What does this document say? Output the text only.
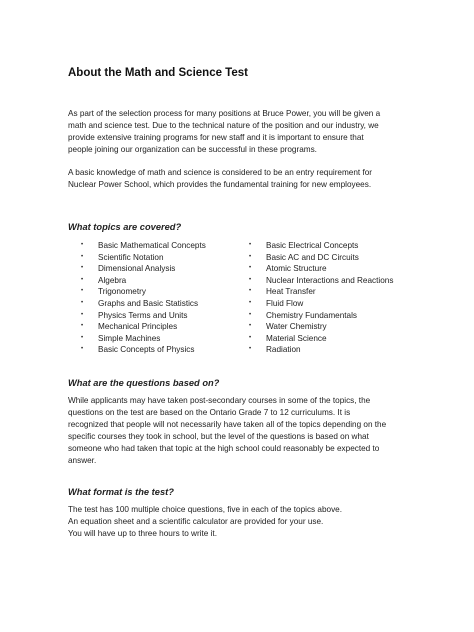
About the Math and Science Test
As part of the selection process for many positions at Bruce Power, you will be given a
math and science test. Due to the technical nature of the position and our industry, we
provide extensive training programs for new staff and it is important to ensure that
people joining our organization can be successful in these programs.
A basic knowledge of math and science is considered to be an entry requirement for
Nuclear Power School, which provides the fundamental training for new employees.
What topics are covered?
• Basic Mathematical Concepts
• Scientific Notation
• Dimensional Analysis
• Algebra
• Trigonometry
• Graphs and Basic Statistics
• Physics Terms and Units
• Mechanical Principles
• Simple Machines
• Basic Concepts of Physics
• Basic Electrical Concepts
• Basic AC and DC Circuits
• Atomic Structure
• Nuclear Interactions and Reactions
• Heat Transfer
• Fluid Flow
• Chemistry Fundamentals
• Water Chemistry
• Material Science
• Radiation
What are the questions based on?
While applicants may have taken post-secondary courses in some of the topics, the
questions on the test are based on the Ontario Grade 7 to 12 curriculums. It is
recognized that people will not necessarily have taken all of the topics depending on the
specific courses they took in school, but the level of the questions is based on what
someone who had taken that topic at the high school could reasonably be expected to
answer.
What format is the test?
The test has 100 multiple choice questions, five in each of the topics above.
An equation sheet and a scientific calculator are provided for your use.
You will have up to three hours to write it.
